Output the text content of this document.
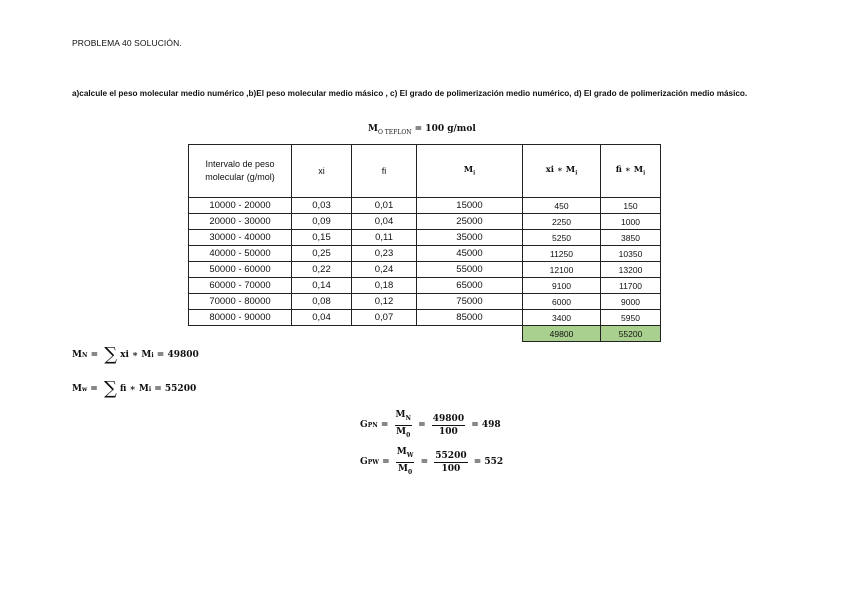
PROBLEMA 40 SOLUCIÓN.
a)calcule el peso molecular medio numérico ,b)El peso molecular medio másico , c) El grado de polimerización medio numérico, d) El grado de polimerización medio másico.
$M_{O TEFLON} = 100$ g/mol
Intervalo de peso molecular (g/mol)	xi	fi	$M_i$	xi ∗ $M_i$	fi ∗ $M_i$
10000 - 20000	0,03	0,01	15000	450	150
20000 - 30000	0,09	0,04	25000	2250	1000
30000 - 40000	0,15	0,11	35000	5250	3850
40000 - 50000	0,25	0,23	45000	11250	10350
50000 - 60000	0,22	0,24	55000	12100	13200
60000 - 70000	0,14	0,18	65000	9100	11700
70000 - 80000	0,08	0,12	75000	6000	9000
80000 - 90000	0,04	0,07	85000	3400	5950
				49800	55200
M N = ∑ xi ∗ M i = 49800
M w = ∑ fi ∗ M i = 55200
G PN = $\frac{M_N}{M_0} = \frac{49800}{100} = 498$
G PW = $\frac{M_W}{M_0} = \frac{55200}{100} = 552$
